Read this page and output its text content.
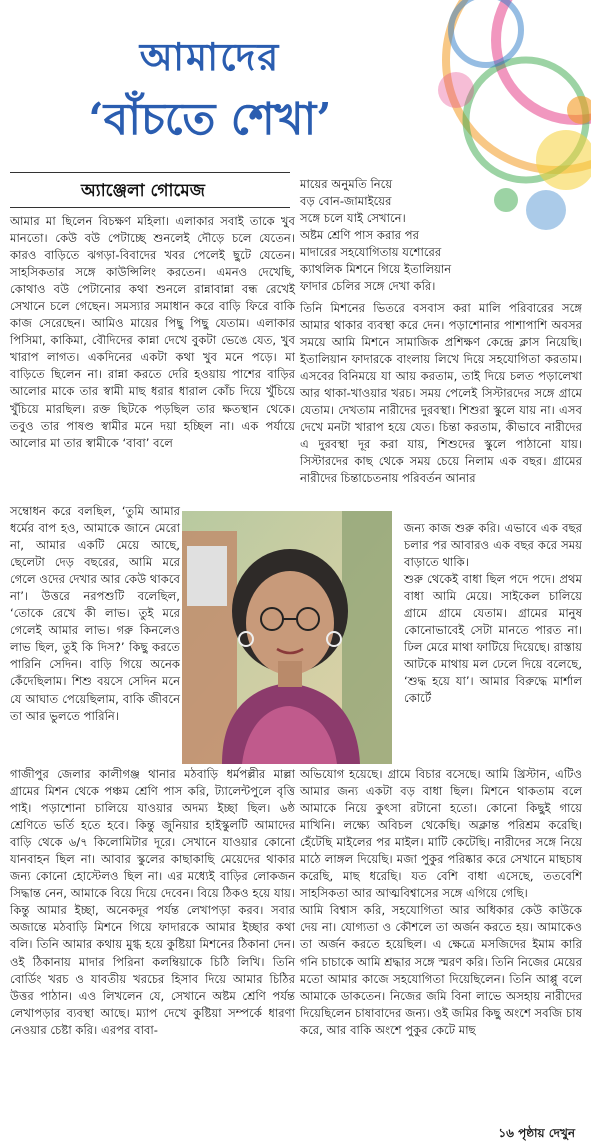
আমাদের
‘বাঁচতে শেখা’
অ্যাঞ্জেলা গোমেজ	মায়ের অনুমতি নিয়ে
বড় বোন-জামাইয়ের
সঙ্গে চলে যাই সেখানে।
অষ্টম শ্রেণি পাস করার পর
মাদারের সহযোগিতায় যশোরের
ক্যাথলিক মিশনে গিয়ে ইতালিয়ান
ফাদার চেলির সঙ্গে দেখা করি।

আমার মা ছিলেন বিচক্ষণ মহিলা। এলাকার সবাই তাকে খুব মানতো। কেউ বউ পেটাচ্ছে শুনলেই দৌড়ে চলে যেতেন। কারও বাড়িতে ঝগড়া-বিবাদের খবর পেলেই ছুটে যেতেন। সাহসিকতার সঙ্গে কাউন্সিলিং করতেন। এমনও দেখেছি, কোথাও বউ পেটানোর কথা শুনলে রান্নাবান্না বন্ধ রেখেই সেখানে চলে গেছেন। সমস্যার সমাধান করে বাড়ি ফিরে বাকি কাজ সেরেছেন। আমিও মায়ের পিছু পিছু যেতাম। এলাকার পিসিমা, কাকিমা, বৌদিদের কান্না দেখে বুকটা ভেঙে যেত, খুব খারাপ লাগত। একদিনের একটা কথা খুব মনে পড়ে। মা বাড়িতে ছিলেন না। রান্না করতে দেরি হওয়ায় পাশের বাড়ির আলোর মাকে তার স্বামী মাছ ধরার ধারাল কোঁচ দিয়ে খুঁচিয়ে খুঁচিয়ে মারছিল। রক্ত ছিটকে পড়ছিল তার ক্ষতস্থান থেকে। তবুও তার পাষণ্ড স্বামীর মনে দয়া হচ্ছিল না। এক পর্যায়ে আলোর মা তার স্বামীকে ‘বাবা’ বলে

সম্বোধন করে বলছিল, ‘তুমি আমার ধর্মের বাপ হও, আমাকে জানে মেরো না, আমার একটি মেয়ে আছে, ছেলেটা দেড় বছরের, আমি মরে গেলে ওদের দেখার আর কেউ থাকবে না’। উত্তরে নরপশুটি বলেছিল, ‘তোকে রেখে কী লাভ। তুই মরে গেলেই আমার লাভ। গরু কিনলেও লাভ ছিল, তুই কি দিস?’ কিছু করতে পারিনি সেদিন। বাড়ি গিয়ে অনেক কেঁদেছিলাম। শিশু বয়সে সেদিন মনে যে আঘাত পেয়েছিলাম, বাকি জীবনে তা আর ভুলতে পারিনি।

তিনি মিশনের ভিতরে বসবাস করা মালি পরিবারের সঙ্গে আমার থাকার ব্যবস্থা করে দেন। পড়াশোনার পাশাপাশি অবসর সময়ে আমি মিশনে সামাজিক প্রশিক্ষণ কেন্দ্রে ক্লাস নিয়েছি। ইতালিয়ান ফাদারকে বাংলায় লিখে দিয়ে সহযোগিতা করতাম। এসবের বিনিময়ে যা আয় করতাম, তাই দিয়ে চলত পড়ালেখা আর থাকা-খাওয়ার খরচ। সময় পেলেই সিস্টারদের সঙ্গে গ্রামে যেতাম। দেখতাম নারীদের দুরবস্থা। শিশুরা স্কুলে যায় না। এসব দেখে মনটা খারাপ হয়ে যেত। চিন্তা করতাম, কীভাবে নারীদের এ দুরবস্থা দূর করা যায়, শিশুদের স্কুলে পাঠানো যায়। সিস্টারদের কাছ থেকে সময় চেয়ে নিলাম এক বছর। গ্রামের নারীদের চিন্তাচেতনায় পরিবর্তন আনার

জন্য কাজ শুরু করি। এভাবে এক বছর চলার পর আবারও এক বছর করে সময় বাড়াতে থাকি।
শুরু থেকেই বাধা ছিল পদে পদে। প্রথম বাধা আমি মেয়ে। সাইকেল চালিয়ে গ্রামে গ্রামে যেতাম। গ্রামের মানুষ কোনোভাবেই সেটা মানতে পারত না। ঢিল মেরে মাথা ফাটিয়ে দিয়েছে। রাস্তায় আটকে মাথায় মল ঢেলে দিয়ে বলেছে, ‘শুদ্ধ হয়ে যা’। আমার বিরুদ্ধে মার্শাল কোর্টে

গাজীপুর জেলার কালীগঞ্জ থানার মঠবাড়ি ধর্মপল্লীর মাল্লা গ্রামের মিশন থেকে পঞ্চম শ্রেণি পাস করি, ট্যালেন্টপুলে বৃত্তি পাই। পড়াশোনা চালিয়ে যাওয়ার অদম্য ইচ্ছা ছিল। ৬ষ্ঠ শ্রেণিতে ভর্তি হতে হবে। কিন্তু জুনিয়ার হাইস্কুলটি আমাদের বাড়ি থেকে ৬/৭ কিলোমিটার দূরে। সেখানে যাওয়ার কোনো যানবাহন ছিল না। আবার স্কুলের কাছাকাছি মেয়েদের থাকার জন্য কোনো হোস্টেলও ছিল না। এর মধ্যেই বাড়ির লোকজন সিদ্ধান্ত নেন, আমাকে বিয়ে দিয়ে দেবেন। বিয়ে ঠিকও হয়ে যায়। কিন্তু আমার ইচ্ছা, অনেকদূর পর্যন্ত লেখাপড়া করব। সবার অজান্তে মঠবাড়ি মিশনে গিয়ে ফাদারকে আমার ইচ্ছার কথা বলি। তিনি আমার কথায় মুগ্ধ হয়ে কুষ্টিয়া মিশনের ঠিকানা দেন। ওই ঠিকানায় মাদার পিরিনা কলম্বিয়াকে চিঠি লিখি। তিনি বোর্ডিং খরচ ও যাবতীয় খরচের হিসাব দিয়ে আমার চিঠির উত্তর পাঠান। এও লিখলেন যে, সেখানে অষ্টম শ্রেণি পর্যন্ত লেখাপড়ার ব্যবস্থা আছে। ম্যাপ দেখে কুষ্টিয়া সম্পর্কে ধারণা নেওয়ার চেষ্টা করি। এরপর বাবা-

অভিযোগ হয়েছে। গ্রামে বিচার বসেছে। আমি খ্রিস্টান, এটিও আমার জন্য একটা বড় বাধা ছিল। মিশনে থাকতাম বলে আমাকে নিয়ে কুৎসা রটানো হতো। কোনো কিছুই গায়ে মাখিনি। লক্ষ্যে অবিচল থেকেছি। অক্লান্ত পরিশ্রম করেছি। হেঁটেছি মাইলের পর মাইল। মাটি কেটেছি। নারীদের সঙ্গে নিয়ে মাঠে লাঙ্গল দিয়েছি। মজা পুকুর পরিষ্কার করে সেখানে মাছচাষ করেছি, মাছ ধরেছি। যত বেশি বাধা এসেছে, ততবেশি সাহসিকতা আর আত্মবিশ্বাসের সঙ্গে এগিয়ে গেছি।
আমি বিশ্বাস করি, সহযোগিতা আর অধিকার কেউ কাউকে দেয় না। যোগ্যতা ও কৌশলে তা অর্জন করতে হয়। আমাকেও তা অর্জন করতে হয়েছিল। এ ক্ষেত্রে মসজিদের ইমাম কারি গনি চাচাকে আমি শ্রদ্ধার সঙ্গে স্মরণ করি। তিনি নিজের মেয়ের মতো আমার কাজে সহযোগিতা দিয়েছিলেন। তিনি আপ্পু বলে আমাকে ডাকতেন। নিজের জমি বিনা লাভে অসহায় নারীদের দিয়েছিলেন চাষাবাদের জন্য। ওই জমির কিছু অংশে সবজি চাষ করে, আর বাকি অংশে পুকুর কেটে মাছ

১৬ পৃষ্ঠায় দেখুন
